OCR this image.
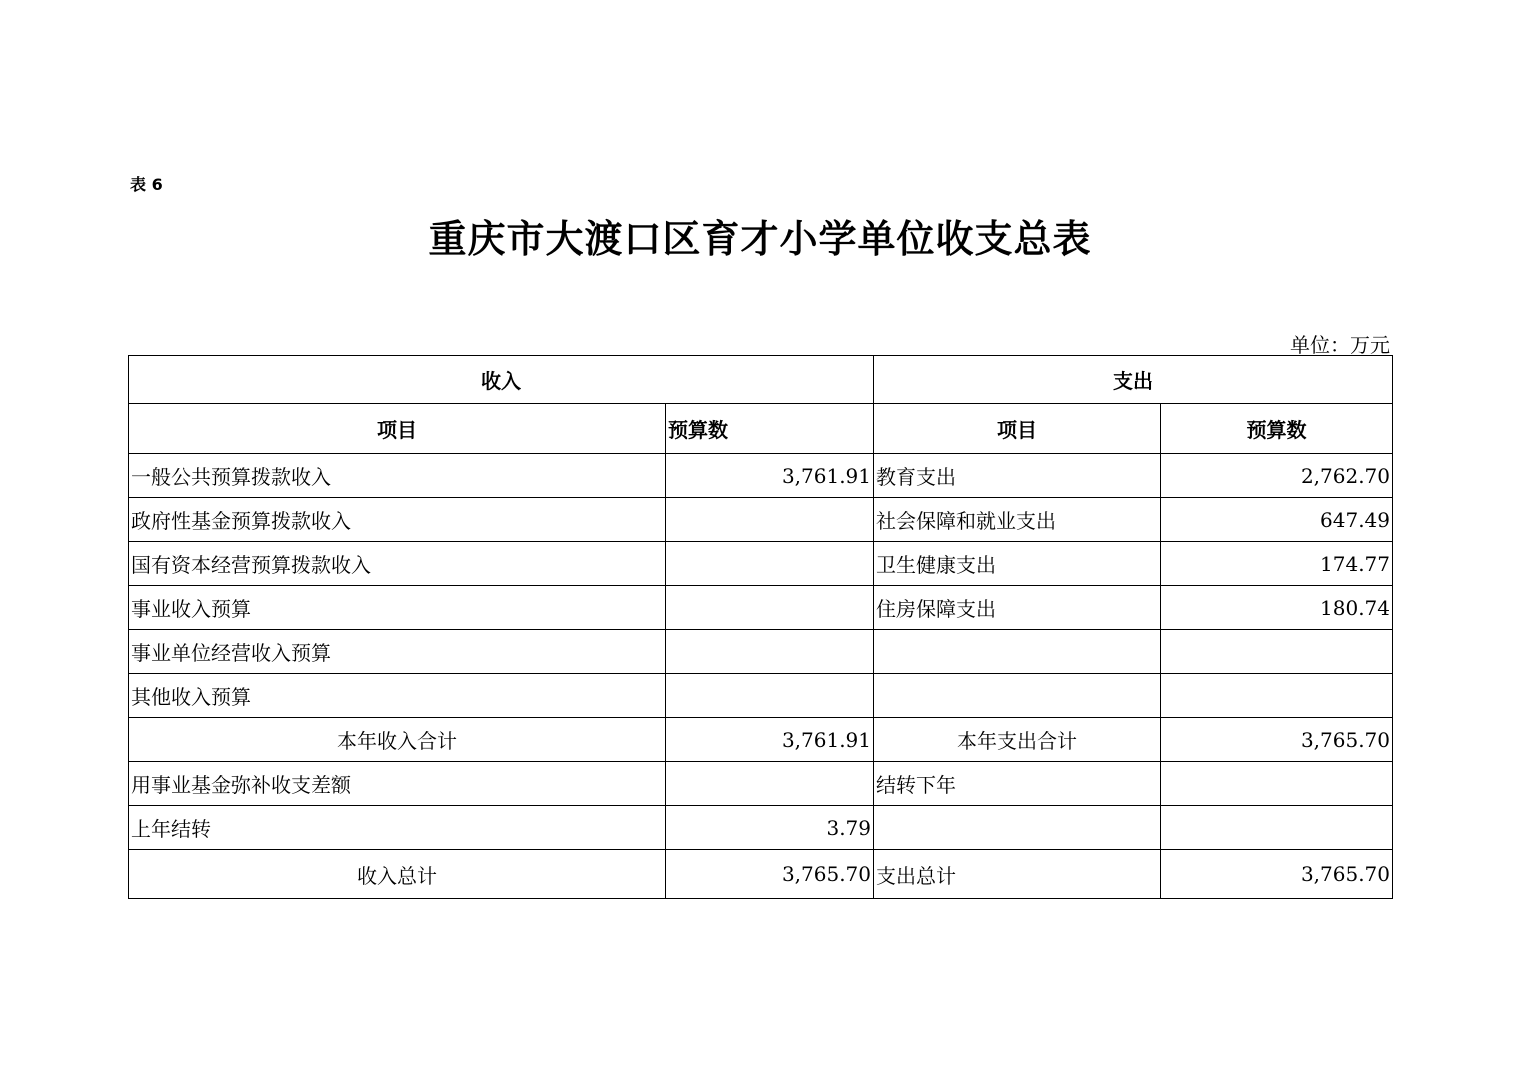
表 6
重庆市大渡口区育才小学单位收支总表
单位：万元
收入		支出	
项目	预算数	项目	预算数
一般公共预算拨款收入	3,761.91	教育支出	2,762.70
政府性基金预算拨款收入		社会保障和就业支出	647.49
国有资本经营预算拨款收入		卫生健康支出	174.77
事业收入预算		住房保障支出	180.74
事业单位经营收入预算			
其他收入预算			
本年收入合计	3,761.91	本年支出合计	3,765.70
用事业基金弥补收支差额		结转下年	
上年结转	3.79		
收入总计	3,765.70	支出总计	3,765.70
